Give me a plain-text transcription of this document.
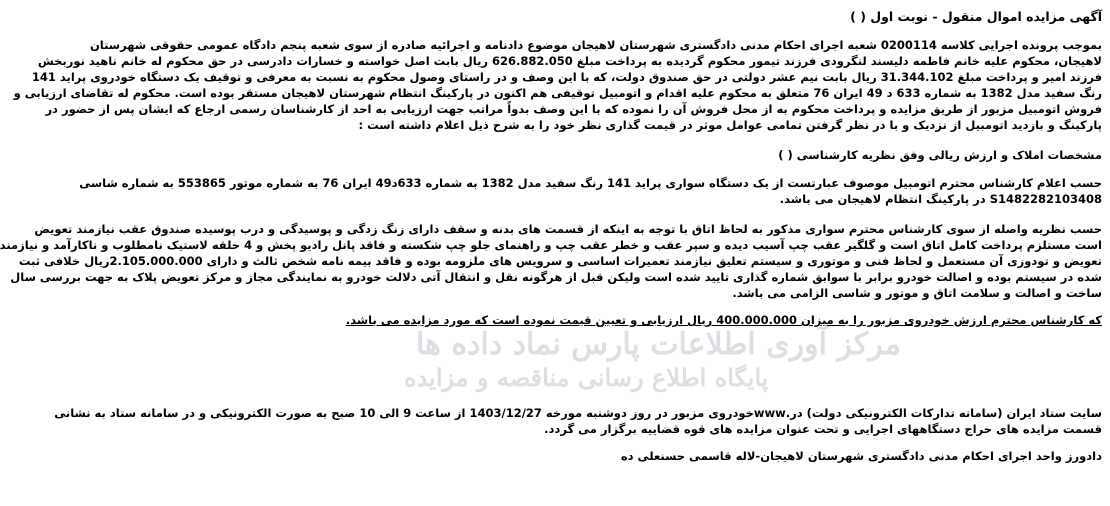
مرکز آوری اطلاعات پارس نماد داده ها
پایگاه اطلاع رسانی مناقصه و مزایده
آگهی مزایده اموال منقول - نوبت اول ( )
بموجب پرونده اجرایی کلاسه 0200114 شعبه اجرای احکام مدنی دادگستری شهرستان لاهیجان موضوع دادنامه و اجرائیه صادره از سوی شعبه پنجم دادگاه عمومی حقوقی شهرستان
لاهیجان، محکوم علیه خانم فاطمه دلیسند لنگرودی فرزند تیمور محکوم گردیده به پرداخت مبلغ 626.882.050 ریال بابت اصل خواسته و خسارات دادرسی در حق محکوم له خانم ناهید نوربخش
فرزند امیر و پرداخت مبلغ 31.344.102 ریال بابت نیم عشر دولتی در حق صندوق دولت، که با این وصف و در راستای وصول محکوم به نسبت به معرفی و توقیف یک دستگاه خودروی پراید 141
رنگ سفید مدل 1382 به شماره 633 د 49 ایران 76 متعلق به محکوم علیه اقدام و اتومبیل توقیفی هم اکنون در پارکینگ انتظام شهرستان لاهیجان مستقر بوده است. محکوم له تقاضای ارزیابی و
فروش اتومبیل مزبور از طریق مزایده و پرداخت محکوم به از محل فروش آن را نموده که با این وصف بدواً مراتب جهت ارزیابی به احد از کارشناسان رسمی ارجاع که ایشان پس از حضور در
پارکینگ و بازدید اتومبیل از نزدیک و با در نظر گرفتن تمامی عوامل موثر در قیمت گذاری نظر خود را به شرح ذیل اعلام داشته است :
مشخصات املاک و ارزش ریالی وفق نظریه کارشناسی ( )
حسب اعلام کارشناس محترم اتومبیل موصوف عبارتست از یک دستگاه سواری پراید 141 رنگ سفید مدل 1382 به شماره 633د49 ایران 76 به شماره موتور 553865 به شماره شاسی
S1482282103408 در پارکینگ انتظام لاهیجان می باشد.
حسب نظریه واصله از سوی کارشناس محترم سواری مذکور به لحاظ اتاق با توجه به اینکه از قسمت های بدنه و سقف دارای زنگ زدگی و پوسیدگی و درب پوسیده صندوق عقب نیازمند تعویض
است مستلزم پرداخت کامل اتاق است و گلگیر عقب چپ آسیب دیده و سپر عقب و خطر عقب چپ و راهنمای جلو چپ شکسته و فاقد پانل رادیو پخش و 4 حلقه لاستیک نامطلوب و ناکارآمد و نیازمند
تعویض و تودوزی آن مستعمل و لحاظ فنی و موتوری و سیستم تعلیق نیازمند تعمیرات اساسی و سرویس های ملزومه بوده و فاقد بیمه نامه شخص ثالث و دارای 2.105.000.000ریال خلافی ثبت
شده در سیستم بوده و اصالت خودرو برابر با سوابق شماره گذاری تایید شده است ولیکن قبل از هرگونه نقل و انتقال آتی دلالت خودرو به نمایندگی مجاز و مرکز تعویض پلاک به جهت بررسی سال
ساخت و اصالت و سلامت اتاق و موتور و شاسی الزامی می باشد.
که کارشناس محترم ارزش خودروی مزبور را به میزان 400.000.000 ریال ارزیابی و تعیین قیمت نموده است که مورد مزایده می باشد.
سایت ستاد ایران (سامانه تدارکات الکترونیکی دولت) در.wwwخودروی مزبور در روز دوشنبه مورخه 1403/12/27 از ساعت 9 الی 10 صبح به صورت الکترونیکی و در سامانه ستاد به نشانی
قسمت مزایده های حراج دستگاههای اجرایی و تحت عنوان مزایده های قوه قضاییه برگزار می گردد.
دادورز واحد اجرای احکام مدنی دادگستری شهرستان لاهیجان-لاله قاسمی حسنعلی ده
